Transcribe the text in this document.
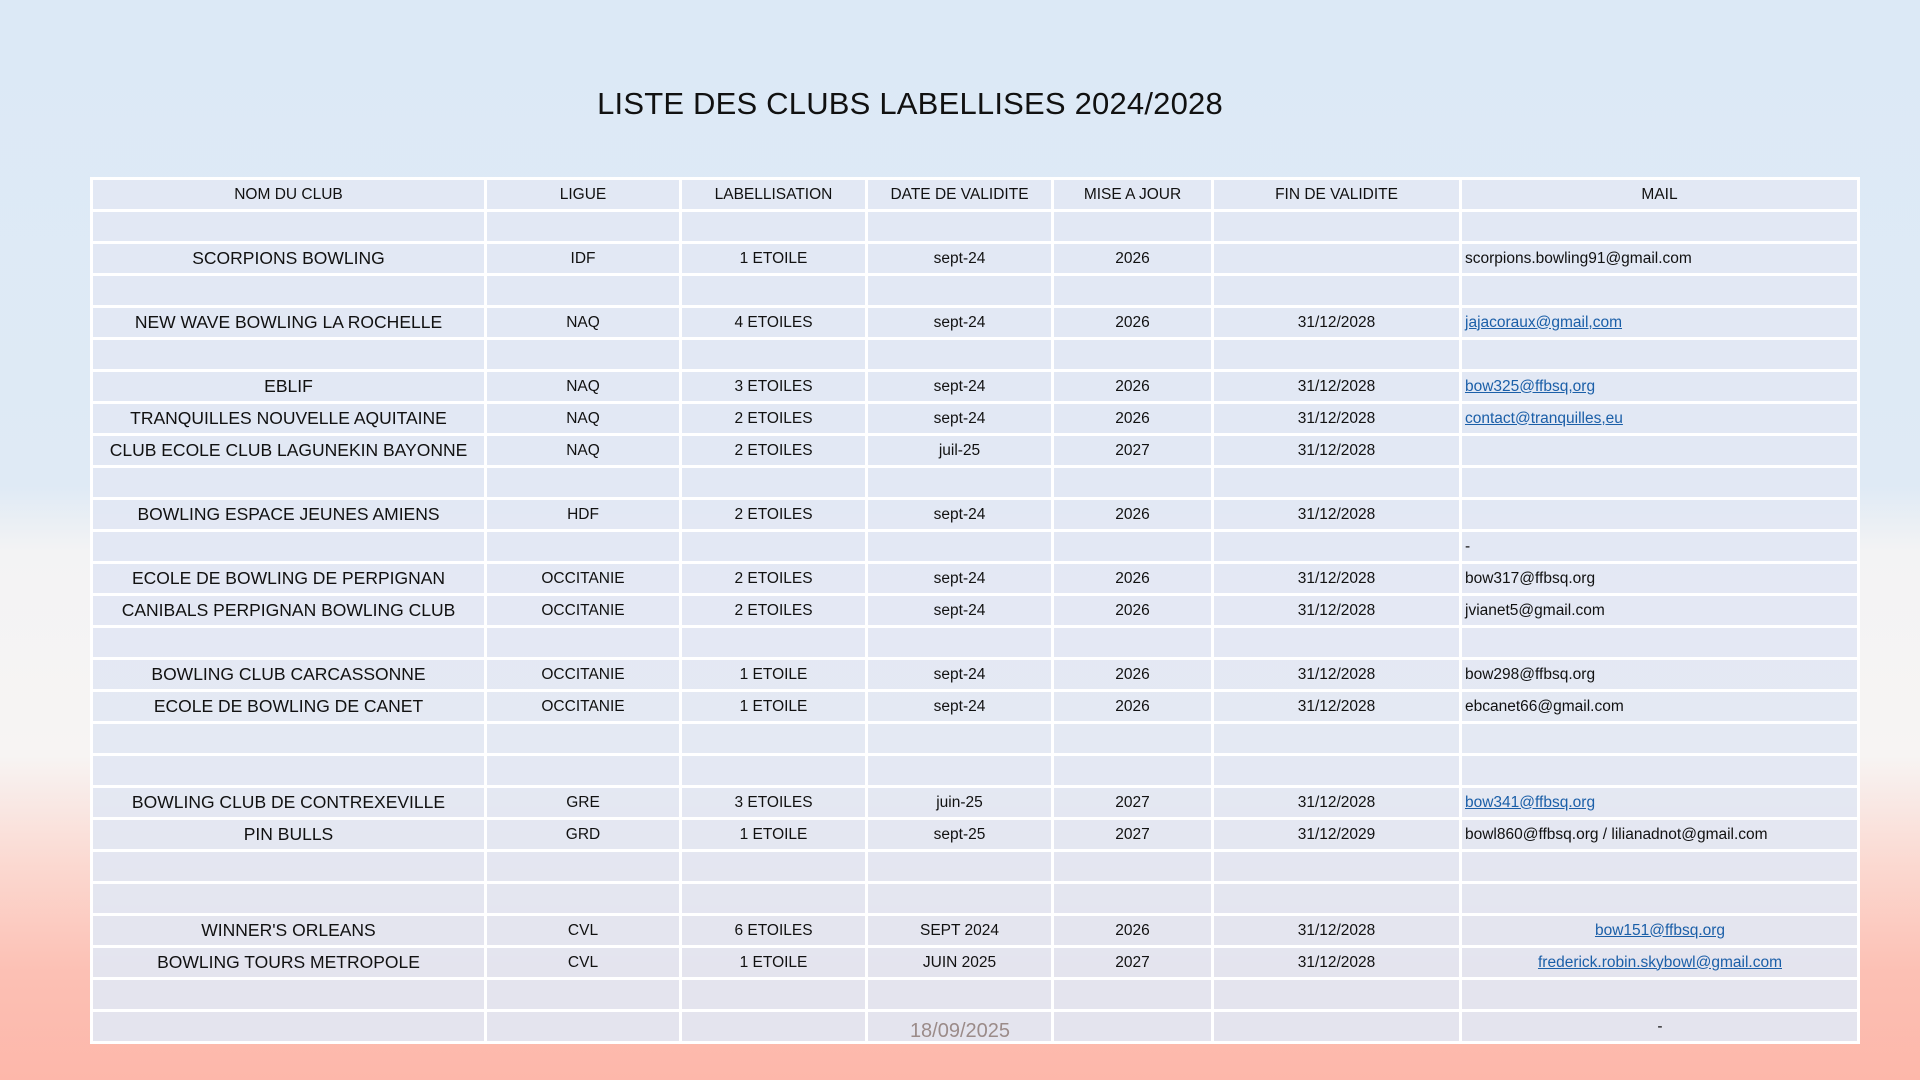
LISTE DES CLUBS LABELLISES 2024/2028
NOM DU CLUB	LIGUE	LABELLISATION	DATE DE VALIDITE	MISE A JOUR	FIN DE VALIDITE	MAIL

SCORPIONS BOWLING	IDF	1 ETOILE	sept-24	2026		scorpions.bowling91@gmail.com

NEW WAVE BOWLING LA ROCHELLE	NAQ	4 ETOILES	sept-24	2026	31/12/2028	jajacoraux@gmail,com

EBLIF	NAQ	3 ETOILES	sept-24	2026	31/12/2028	bow325@ffbsq,org
TRANQUILLES NOUVELLE AQUITAINE	NAQ	2 ETOILES	sept-24	2026	31/12/2028	contact@tranquilles,eu
CLUB ECOLE CLUB LAGUNEKIN BAYONNE	NAQ	2 ETOILES	juil-25	2027	31/12/2028	

BOWLING ESPACE JEUNES AMIENS	HDF	2 ETOILES	sept-24	2026	31/12/2028	
						-
ECOLE DE BOWLING DE PERPIGNAN	OCCITANIE	2 ETOILES	sept-24	2026	31/12/2028	bow317@ffbsq.org
CANIBALS PERPIGNAN BOWLING CLUB	OCCITANIE	2 ETOILES	sept-24	2026	31/12/2028	jvianet5@gmail.com

BOWLING CLUB CARCASSONNE	OCCITANIE	1 ETOILE	sept-24	2026	31/12/2028	bow298@ffbsq.org
ECOLE DE BOWLING DE CANET	OCCITANIE	1 ETOILE	sept-24	2026	31/12/2028	ebcanet66@gmail.com

BOWLING CLUB DE CONTREXEVILLE	GRE	3 ETOILES	juin-25	2027	31/12/2028	bow341@ffbsq.org
PIN BULLS	GRD	1 ETOILE	sept-25	2027	31/12/2029	bowl860@ffbsq.org / lilianadnot@gmail.com

WINNER'S ORLEANS	CVL	6 ETOILES	SEPT 2024	2026	31/12/2028	bow151@ffbsq.org
BOWLING TOURS METROPOLE	CVL	1 ETOILE	JUIN 2025	2027	31/12/2028	frederick.robin.skybowl@gmail.com

						-
18/09/2025
